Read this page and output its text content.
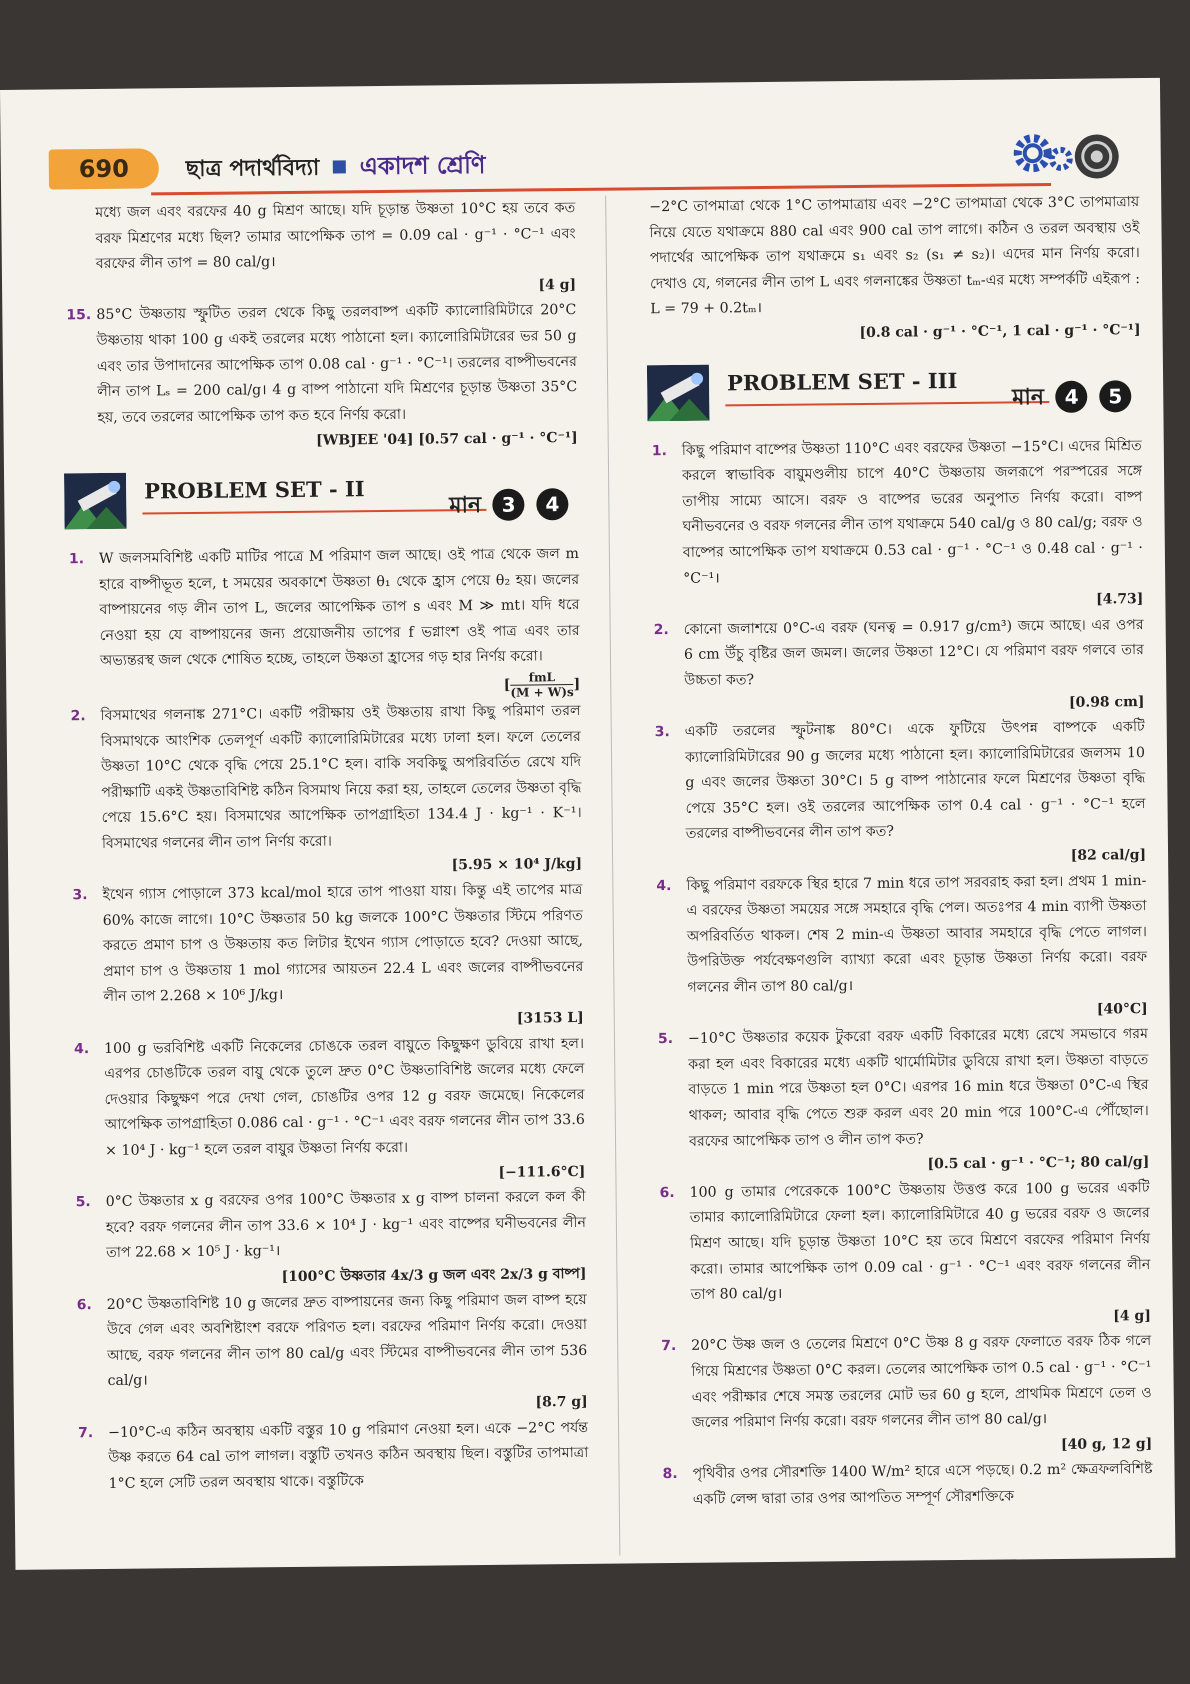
690	ছাত্র পদার্থবিদ্যা একাদশ শ্রেণি
মধ্যে জল এবং বরফের 40 g মিশ্রণ আছে। যদি চূড়ান্ত উষ্ণতা 10°C হয় তবে কত বরফ মিশ্রণের মধ্যে ছিল? তামার আপেক্ষিক তাপ = 0.09 cal · g⁻¹ · °C⁻¹ এবং বরফের লীন তাপ = 80 cal/g।
[4 g]
15. 85°C উষ্ণতায় স্ফুটিত তরল থেকে কিছু তরলবাষ্প একটি ক্যালোরিমিটারে 20°C উষ্ণতায় থাকা 100 g একই তরলের মধ্যে পাঠানো হল। ক্যালোরিমিটারের ভর 50 g এবং তার উপাদানের আপেক্ষিক তাপ 0.08 cal · g⁻¹ · °C⁻¹। তরলের বাষ্পীভবনের লীন তাপ Lₛ = 200 cal/g। 4 g বাষ্প পাঠানো যদি মিশ্রণের চূড়ান্ত উষ্ণতা 35°C হয়, তবে তরলের আপেক্ষিক তাপ কত হবে নির্ণয় করো।
[WBJEE '04] [0.57 cal · g⁻¹ · °C⁻¹]
PROBLEM SET - II
মান 3 4
1.	W জলসমবিশিষ্ট একটি মাটির পাত্রে M পরিমাণ জল আছে। ওই পাত্র থেকে জল m হারে বাষ্পীভূত হলে, t সময়ের অবকাশে উষ্ণতা θ₁ থেকে হ্রাস পেয়ে θ₂ হয়। জলের বাষ্পায়নের গড় লীন তাপ L, জলের আপেক্ষিক তাপ s এবং M ≫ mt। যদি ধরে নেওয়া হয় যে বাষ্পায়নের জন্য প্রয়োজনীয় তাপের f ভগ্নাংশ ওই পাত্র এবং তার অভ্যন্তরস্থ জল থেকে শোষিত হচ্ছে, তাহলে উষ্ণতা হ্রাসের গড় হার নির্ণয় করো।
[ $\frac{\text{fmL}}{(M + W)s}$ ]
2.	বিসমাথের গলনাঙ্ক 271°C। একটি পরীক্ষায় ওই উষ্ণতায় রাখা কিছু পরিমাণ তরল বিসমাথকে আংশিক তেলপূর্ণ একটি ক্যালোরিমিটারের মধ্যে ঢালা হল। ফলে তেলের উষ্ণতা 10°C থেকে বৃদ্ধি পেয়ে 25.1°C হল। বাকি সবকিছু অপরিবর্তিত রেখে যদি পরীক্ষাটি একই উষ্ণতাবিশিষ্ট কঠিন বিসমাথ নিয়ে করা হয়, তাহলে তেলের উষ্ণতা বৃদ্ধি পেয়ে 15.6°C হয়। বিসমাথের আপেক্ষিক তাপগ্রাহিতা 134.4 J · kg⁻¹ · K⁻¹। বিসমাথের গলনের লীন তাপ নির্ণয় করো।
[5.95 × 10⁴ J/kg]
3.	ইথেন গ্যাস পোড়ালে 373 kcal/mol হারে তাপ পাওয়া যায়। কিন্তু এই তাপের মাত্র 60% কাজে লাগে। 10°C উষ্ণতার 50 kg জলকে 100°C উষ্ণতার স্টিমে পরিণত করতে প্রমাণ চাপ ও উষ্ণতায় কত লিটার ইথেন গ্যাস পোড়াতে হবে? দেওয়া আছে, প্রমাণ চাপ ও উষ্ণতায় 1 mol গ্যাসের আয়তন 22.4 L এবং জলের বাষ্পীভবনের লীন তাপ 2.268 × 10⁶ J/kg।
[3153 L]
4.	100 g ভরবিশিষ্ট একটি নিকেলের চোঙকে তরল বায়ুতে কিছুক্ষণ ডুবিয়ে রাখা হল। এরপর চোঙটিকে তরল বায়ু থেকে তুলে দ্রুত 0°C উষ্ণতাবিশিষ্ট জলের মধ্যে ফেলে দেওয়ার কিছুক্ষণ পরে দেখা গেল, চোঙটির ওপর 12 g বরফ জমেছে। নিকেলের আপেক্ষিক তাপগ্রাহিতা 0.086 cal · g⁻¹ · °C⁻¹ এবং বরফ গলনের লীন তাপ 33.6 × 10⁴ J · kg⁻¹ হলে তরল বায়ুর উষ্ণতা নির্ণয় করো।
[−111.6°C]
5.	0°C উষ্ণতার x g বরফের ওপর 100°C উষ্ণতার x g বাষ্প চালনা করলে কল কী হবে? বরফ গলনের লীন তাপ 33.6 × 10⁴ J · kg⁻¹ এবং বাষ্পের ঘনীভবনের লীন তাপ 22.68 × 10⁵ J · kg⁻¹।
[100°C উষ্ণতার 4x/3 g জল এবং 2x/3 g বাষ্প]
6.	20°C উষ্ণতাবিশিষ্ট 10 g জলের দ্রুত বাষ্পায়নের জন্য কিছু পরিমাণ জল বাষ্প হয়ে উবে গেল এবং অবশিষ্টাংশ বরফে পরিণত হল। বরফের পরিমাণ নির্ণয় করো। দেওয়া আছে, বরফ গলনের লীন তাপ 80 cal/g এবং স্টিমের বাষ্পীভবনের লীন তাপ 536 cal/g।
[8.7 g]
7.	−10°C-এ কঠিন অবস্থায় একটি বস্তুর 10 g পরিমাণ নেওয়া হল। একে −2°C পর্যন্ত উষ্ণ করতে 64 cal তাপ লাগল। বস্তুটি তখনও কঠিন অবস্থায় ছিল। বস্তুটির তাপমাত্রা 1°C হলে সেটি তরল অবস্থায় থাকে। বস্তুটিকে
−2°C তাপমাত্রা থেকে 1°C তাপমাত্রায় এবং −2°C তাপমাত্রা থেকে 3°C তাপমাত্রায় নিয়ে যেতে যথাক্রমে 880 cal এবং 900 cal তাপ লাগে। কঠিন ও তরল অবস্থায় ওই পদার্থের আপেক্ষিক তাপ যথাক্রমে s₁ এবং s₂ (s₁ ≠ s₂)। এদের মান নির্ণয় করো। দেখাও যে, গলনের লীন তাপ L এবং গলনাঙ্কের উষ্ণতা tₘ-এর মধ্যে সম্পর্কটি এইরূপ : L = 79 + 0.2tₘ।
[0.8 cal · g⁻¹ · °C⁻¹, 1 cal · g⁻¹ · °C⁻¹]
PROBLEM SET - III
মান 4 5
1.	কিছু পরিমাণ বাষ্পের উষ্ণতা 110°C এবং বরফের উষ্ণতা −15°C। এদের মিশ্রিত করলে স্বাভাবিক বায়ুমণ্ডলীয় চাপে 40°C উষ্ণতায় জলরূপে পরস্পরের সঙ্গে তাপীয় সাম্যে আসে। বরফ ও বাষ্পের ভরের অনুপাত নির্ণয় করো। বাষ্প ঘনীভবনের ও বরফ গলনের লীন তাপ যথাক্রমে 540 cal/g ও 80 cal/g; বরফ ও বাষ্পের আপেক্ষিক তাপ যথাক্রমে 0.53 cal · g⁻¹ · °C⁻¹ ও 0.48 cal · g⁻¹ · °C⁻¹।
[4.73]
2.	কোনো জলাশয়ে 0°C-এ বরফ (ঘনত্ব = 0.917 g/cm³) জমে আছে। এর ওপর 6 cm উঁচু বৃষ্টির জল জমল। জলের উষ্ণতা 12°C। যে পরিমাণ বরফ গলবে তার উচ্চতা কত?
[0.98 cm]
3.	একটি তরলের স্ফুটনাঙ্ক 80°C। একে ফুটিয়ে উৎপন্ন বাষ্পকে একটি ক্যালোরিমিটারের 90 g জলের মধ্যে পাঠানো হল। ক্যালোরিমিটারের জলসম 10 g এবং জলের উষ্ণতা 30°C। 5 g বাষ্প পাঠানোর ফলে মিশ্রণের উষ্ণতা বৃদ্ধি পেয়ে 35°C হল। ওই তরলের আপেক্ষিক তাপ 0.4 cal · g⁻¹ · °C⁻¹ হলে তরলের বাষ্পীভবনের লীন তাপ কত?
[82 cal/g]
4.	কিছু পরিমাণ বরফকে স্থির হারে 7 min ধরে তাপ সরবরাহ করা হল। প্রথম 1 min-এ বরফের উষ্ণতা সময়ের সঙ্গে সমহারে বৃদ্ধি পেল। অতঃপর 4 min ব্যাপী উষ্ণতা অপরিবর্তিত থাকল। শেষ 2 min-এ উষ্ণতা আবার সমহারে বৃদ্ধি পেতে লাগল। উপরিউক্ত পর্যবেক্ষণগুলি ব্যাখ্যা করো এবং চূড়ান্ত উষ্ণতা নির্ণয় করো। বরফ গলনের লীন তাপ 80 cal/g।
[40°C]
5.	−10°C উষ্ণতার কয়েক টুকরো বরফ একটি বিকারের মধ্যে রেখে সমভাবে গরম করা হল এবং বিকারের মধ্যে একটি থার্মোমিটার ডুবিয়ে রাখা হল। উষ্ণতা বাড়তে বাড়তে 1 min পরে উষ্ণতা হল 0°C। এরপর 16 min ধরে উষ্ণতা 0°C-এ স্থির থাকল; আবার বৃদ্ধি পেতে শুরু করল এবং 20 min পরে 100°C-এ পৌঁছোল। বরফের আপেক্ষিক তাপ ও লীন তাপ কত?
[0.5 cal · g⁻¹ · °C⁻¹; 80 cal/g]
6.	100 g তামার পেরেককে 100°C উষ্ণতায় উত্তপ্ত করে 100 g ভরের একটি তামার ক্যালোরিমিটারে ফেলা হল। ক্যালোরিমিটারে 40 g ভরের বরফ ও জলের মিশ্রণ আছে। যদি চূড়ান্ত উষ্ণতা 10°C হয় তবে মিশ্রণে বরফের পরিমাণ নির্ণয় করো। তামার আপেক্ষিক তাপ 0.09 cal · g⁻¹ · °C⁻¹ এবং বরফ গলনের লীন তাপ 80 cal/g।
[4 g]
7.	20°C উষ্ণ জল ও তেলের মিশ্রণে 0°C উষ্ণ 8 g বরফ ফেলাতে বরফ ঠিক গলে গিয়ে মিশ্রণের উষ্ণতা 0°C করল। তেলের আপেক্ষিক তাপ 0.5 cal · g⁻¹ · °C⁻¹ এবং পরীক্ষার শেষে সমস্ত তরলের মোট ভর 60 g হলে, প্রাথমিক মিশ্রণে তেল ও জলের পরিমাণ নির্ণয় করো। বরফ গলনের লীন তাপ 80 cal/g।
[40 g, 12 g]
8.	পৃথিবীর ওপর সৌরশক্তি 1400 W/m² হারে এসে পড়ছে। 0.2 m² ক্ষেত্রফলবিশিষ্ট একটি লেন্স দ্বারা তার ওপর আপতিত সম্পূর্ণ সৌরশক্তিকে
